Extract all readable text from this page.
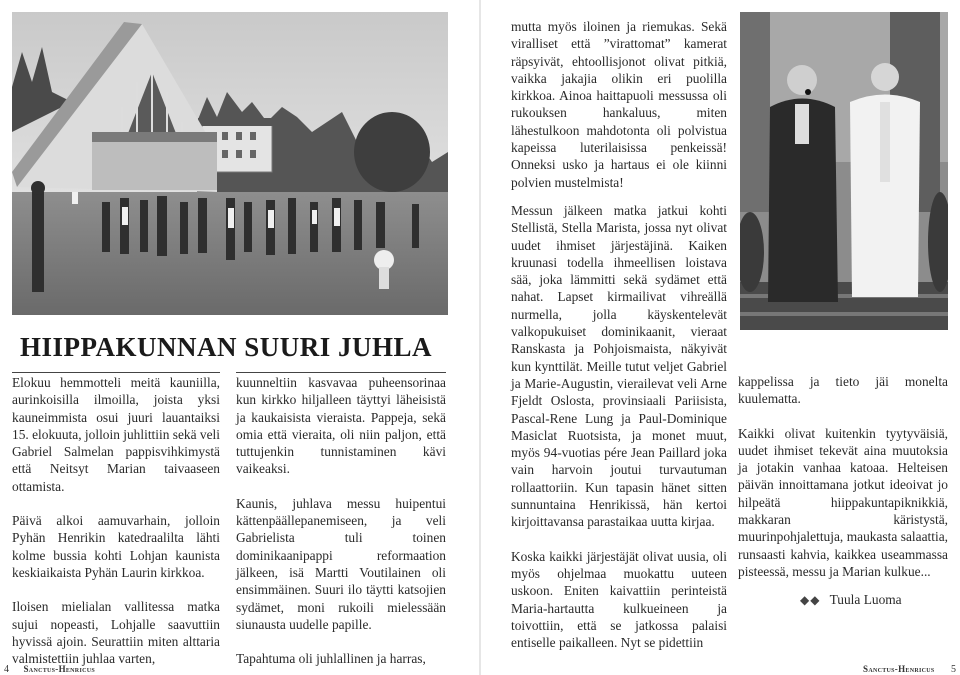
HIIPPAKUNNAN SUURI JUHLA

Elokuu hemmotteli meitä kauniilla, aurinkoisilla ilmoilla, joista yksi kauneimmista osui juuri lauantaiksi 15. elokuuta, jolloin juhlittiin sekä veli Gabriel Salmelan pappisvihkimystä että Neitsyt Marian taivaaseen ottamista.

Päivä alkoi aamuvarhain, jolloin Pyhän Henrikin katedraalilta lähti kolme bussia kohti Lohjan kaunista keskiaikaista Pyhän Laurin kirkkoa.

Iloisen mielialan vallitessa matka sujui nopeasti, Lohjalle saavuttiin hyvissä ajoin. Seurattiin miten alttaria valmistettiin juhlaa varten,

kuunneltiin kasvavaa puheensorinaa kun kirkko hiljalleen täyttyi läheisistä ja kaukaisista vieraista. Pappeja, sekä omia että vieraita, oli niin paljon, että tuttujenkin tunnistaminen kävi vaikeaksi.

Kaunis, juhlava messu huipentui kättenpäällepanemiseen, ja veli Gabrielista tuli toinen dominikaanipappi reformaation jälkeen, isä Martti Voutilainen oli ensimmäinen. Suuri ilo täytti katsojien sydämet, moni rukoili mielessään siunausta uudelle papille.

Tapahtuma oli juhlallinen ja harras,

mutta myös iloinen ja riemukas. Sekä viralliset että ”virattomat” kamerat räpsyivät, ehtoollisjonot olivat pitkiä, vaikka jakajia olikin eri puolilla kirkkoa. Ainoa haittapuoli messussa oli rukouksen hankaluus, miten lähestulkoon mahdotonta oli polvistua kapeissa luterilaisissa penkeissä! Onneksi usko ja hartaus ei ole kiinni polvien mustelmista!

Messun jälkeen matka jatkui kohti Stellistä, Stella Marista, jossa nyt olivat uudet ihmiset järjestäjinä. Kaiken kruunasi todella ihmeellisen loistava sää, joka lämmitti sekä sydämet että nahat. Lapset kirmailivat vihreällä nurmella, jolla käyskentelevät valkopukuiset dominikaanit, vieraat Ranskasta ja Pohjoismaista, näkyivät kun kynttilät. Meille tutut veljet Gabriel ja Marie-Augustin, vierailevat veli Arne Fjeldt Oslosta, provinsiaali Pariisista, Pascal-Rene Lung ja Paul-Dominique Masiclat Ruotsista, ja monet muut, myös 94-vuotias pére Jean Paillard joka vain harvoin joutui turvautuman rollaattoriin. Kun tapasin hänet sitten sunnuntaina Henrikissä, hän kertoi kirjoittavansa parastaikaa uutta kirjaa.

Koska kaikki järjestäjät olivat uusia, oli myös ohjelmaa muokattu uuteen uskoon. Eniten kaivattiin perinteistä Maria-hartautta kulkueineen ja toivottiin, että se jatkossa palaisi entiselle paikalleen. Nyt se pidettiin

kappelissa ja tieto jäi monelta kuulematta.

Kaikki olivat kuitenkin tyytyväisiä, uudet ihmiset tekevät aina muutoksia ja jotakin vanhaa katoaa. Helteisen päivän innoittamana jotkut ideoivat jo hilpeätä hiippakuntapiknikkiä, makkaran käristystä, muurinpohjalettuja, maukasta salaattia, runsaasti kahvia, kaikkea useammassa pisteessä, messu ja Marian kulkue...

◆◆ Tuula Luoma
4 Sanctus-Henricus	Sanctus-Henricus 5
